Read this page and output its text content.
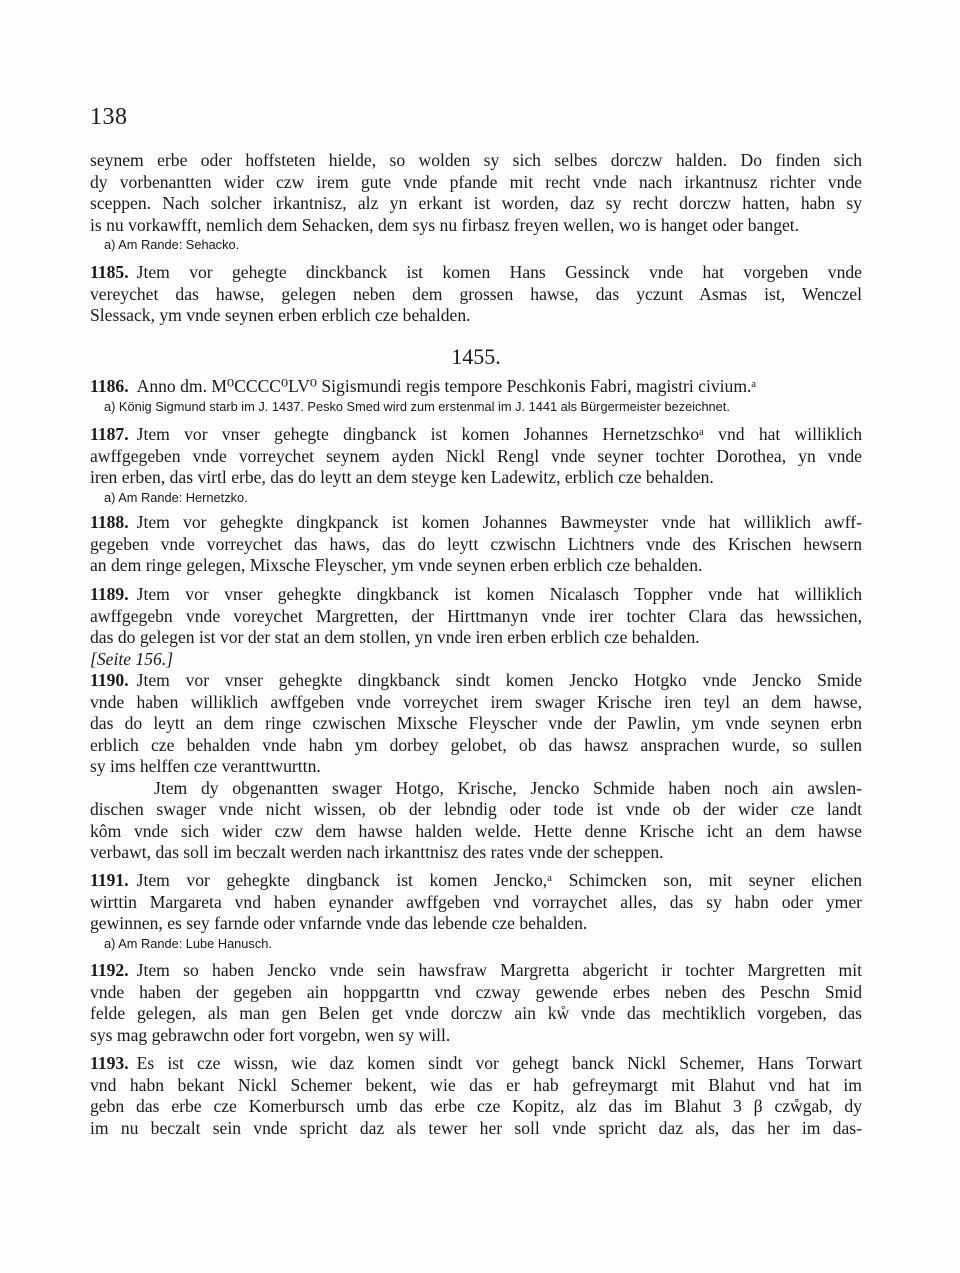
138
seynem erbe oder hoffsteten hielde, so wolden sy sich selbes dorczw halden. Do finden sich
dy vorbenantten wider czw irem gute vnde pfande mit recht vnde nach irkantnusz richter vnde
sceppen. Nach solcher irkantnisz, alz yn erkant ist worden, daz sy recht dorczw hatten, habn sy
is nu vorkawfft, nemlich dem Sehacken, dem sys nu firbasz freyen wellen, wo is hanget oder banget.
a) Am Rande: Sehacko.
1185. Jtem vor gehegte dinckbanck ist komen Hans Gessinck vnde hat vorgeben vnde
vereychet das hawse, gelegen neben dem grossen hawse, das yczunt Asmas ist, Wenczel
Slessack, ym vnde seynen erben erblich cze behalden.
1455.
1186. Anno dm. M⁰CCCC⁰LV⁰ Sigismundi regis tempore Peschkonis Fabri, magistri civium.ᵃ
a) König Sigmund starb im J. 1437. Pesko Smed wird zum erstenmal im J. 1441 als Bürgermeister bezeichnet.
1187. Jtem vor vnser gehegte dingbanck ist komen Johannes Hernetzschkoᵃ vnd hat williklich
awffgegeben vnde vorreychet seynem ayden Nickl Rengl vnde seyner tochter Dorothea, yn vnde
iren erben, das virtl erbe, das do leytt an dem steyge ken Ladewitz, erblich cze behalden.
a) Am Rande: Hernetzko.
1188. Jtem vor gehegkte dingkpanck ist komen Johannes Bawmeyster vnde hat williklich awff-
gegeben vnde vorreychet das haws, das do leytt czwischn Lichtners vnde des Krischen hewsern
an dem ringe gelegen, Mixsche Fleyscher, ym vnde seynen erben erblich cze behalden.
1189. Jtem vor vnser gehegkte dingkbanck ist komen Nicalasch Toppher vnde hat williklich
awffgegebn vnde voreychet Margretten, der Hirttmanyn vnde irer tochter Clara das hewssichen,
das do gelegen ist vor der stat an dem stollen, yn vnde iren erben erblich cze behalden.
[Seite 156.]
1190. Jtem vor vnser gehegkte dingkbanck sindt komen Jencko Hotgko vnde Jencko Smide
vnde haben williklich awffgeben vnde vorreychet irem swager Krische iren teyl an dem hawse,
das do leytt an dem ringe czwischen Mixsche Fleyscher vnde der Pawlin, ym vnde seynen erbn
erblich cze behalden vnde habn ym dorbey gelobet, ob das hawsz ansprachen wurde, so sullen
sy ims helffen cze veranttwurttn.
Jtem dy obgenantten swager Hotgo, Krische, Jencko Schmide haben noch ain awslen-
dischen swager vnde nicht wissen, ob der lebndig oder tode ist vnde ob der wider cze landt
kôm vnde sich wider czw dem hawse halden welde. Hette denne Krische icht an dem hawse
verbawt, das soll im beczalt werden nach irkanttnisz des rates vnde der scheppen.
1191. Jtem vor gehegkte dingbanck ist komen Jencko,ᵃ Schimcken son, mit seyner elichen
wirttin Margareta vnd haben eynander awffgeben vnd vorraychet alles, das sy habn oder ymer
gewinnen, es sey farnde oder vnfarnde vnde das lebende cze behalden.
a) Am Rande: Lube Hanusch.
1192. Jtem so haben Jencko vnde sein hawsfraw Margretta abgericht ir tochter Margretten mit
vnde haben der gegeben ain hoppgarttn vnd czway gewende erbes neben des Peschn Smid
felde gelegen, als man gen Belen get vnde dorczw ain kẘ vnde das mechtiklich vorgeben, das
sys mag gebrawchn oder fort vorgebn, wen sy will.
1193. Es ist cze wissn, wie daz komen sindt vor gehegt banck Nickl Schemer, Hans Torwart
vnd habn bekant Nickl Schemer bekent, wie das er hab gefreymargt mit Blahut vnd hat im
gebn das erbe cze Komerbursch umb das erbe cze Kopitz, alz das im Blahut 3 β czẘgab, dy
im nu beczalt sein vnde spricht daz als tewer her soll vnde spricht daz als, das her im das-
